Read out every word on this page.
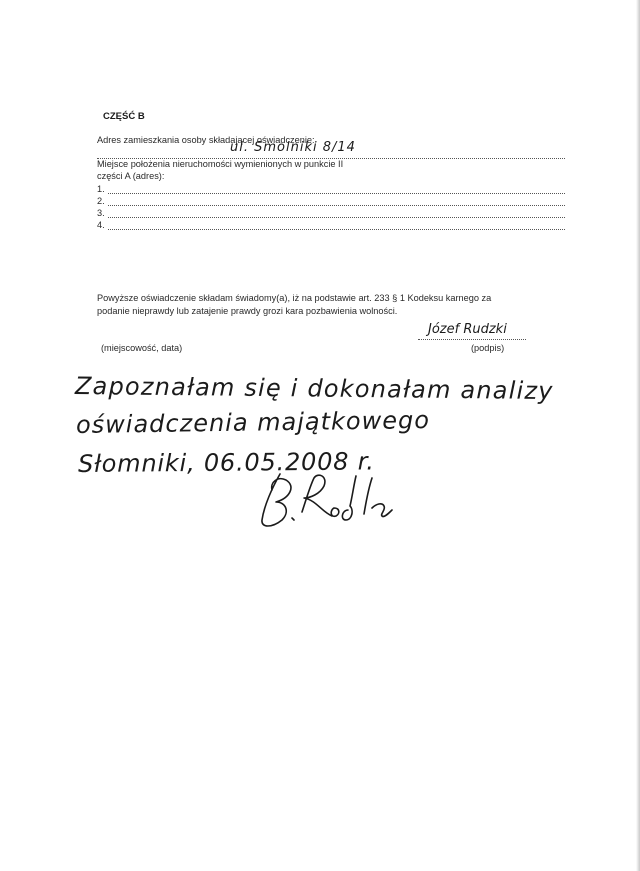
CZĘŚĆ B
Adres zamieszkania osoby składającej oświadczenie:
ul. Smolniki 8/14
Miejsce położenia nieruchomości wymienionych w punkcie II
części A (adres):
1.
2.
3.
4.
Powyższe oświadczenie składam świadomy(a), iż na podstawie art. 233 § 1 Kodeksu karnego za
podanie nieprawdy lub zatajenie prawdy grozi kara pozbawienia wolności.
Józef Rudzki
(miejscowość, data)	(podpis)
Zapoznałam się i dokonałam analizy
oświadczenia majątkowego
Słomniki, 06.05.2008 r.
